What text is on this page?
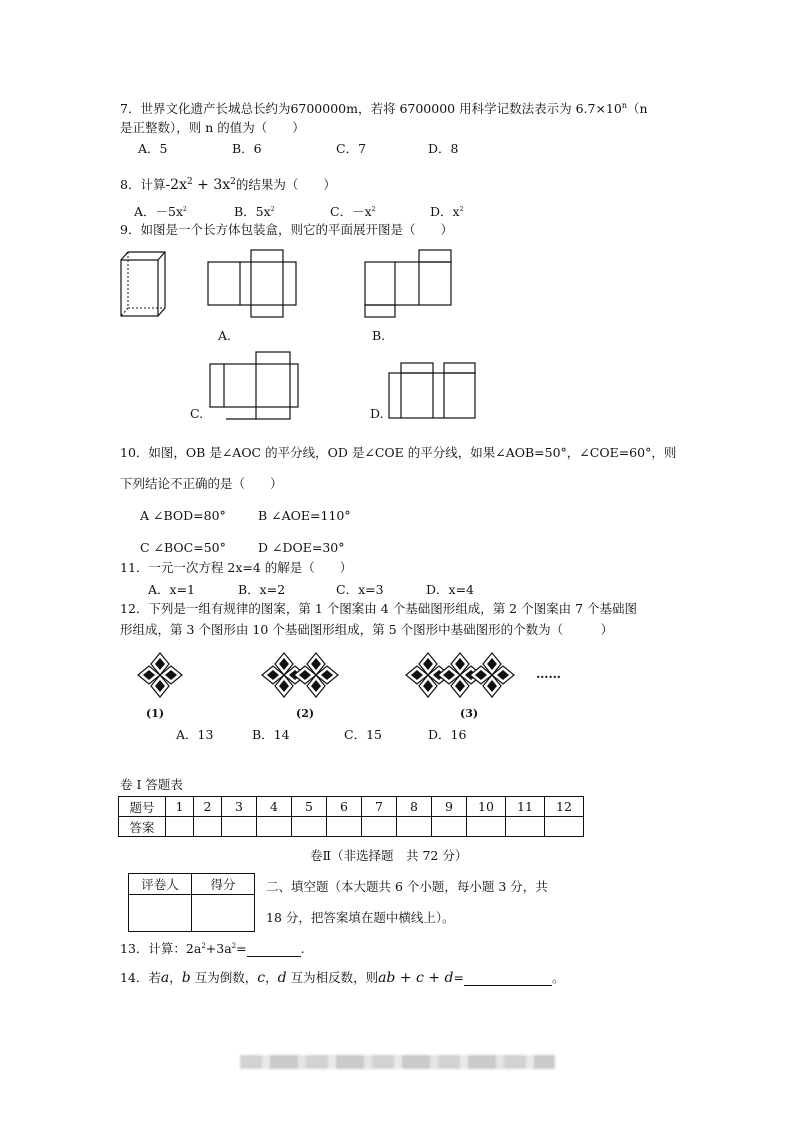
7．世界文化遗产长城总长约为6700000m，若将 6700000 用科学记数法表示为 $6.7\times 10^n(n$
是正整数），则 n 的值为（　　）
A．5	B．6	C．7	D．8
8．计算$-2x^2 + 3x^2$的结果为（　　）
A．$-5x^2$	B．$5x^2$	C．$-x^2$	D．$x^2$
9．如图是一个长方体包装盒，则它的平面展开图是（　　）
A.	B.
C.	D.
10．如图，OB 是∠AOC 的平分线，OD 是∠COE 的平分线，如果∠AOB=50°，∠COE=60°，则
下列结论不正确的是（　　）
A ∠BOD=80°	B ∠AOE=110°
C ∠BOC=50°	D ∠DOE=30°
11．一元一次方程 2x=4 的解是（　　）
A．x=1	B．x=2	C．x=3	D．x=4
12．下列是一组有规律的图案，第 1 个图案由 4 个基础图形组成，第 2 个图案由 7 个基础图
形组成，第 3 个图形由 10 个基础图形组成，第 5 个图形中基础图形的个数为（　　　）
(1)	(2)	(3)
……
A．13	B．14	C．15	D．16
卷 I 答题表
题号	1	2	3	4	5	6	7	8	9	10	11	12
答案												
卷Ⅱ（非选择题　共 72 分）
评卷人	得分
	二、填空题（本大题共 6 个小题，每小题 3 分，共
18 分，把答案填在题中横线上）。
13．计算：$2a^2+3a^2=$	.
14．若a，b 互为倒数，c，d 互为相反数，则ab + c + d=	。
